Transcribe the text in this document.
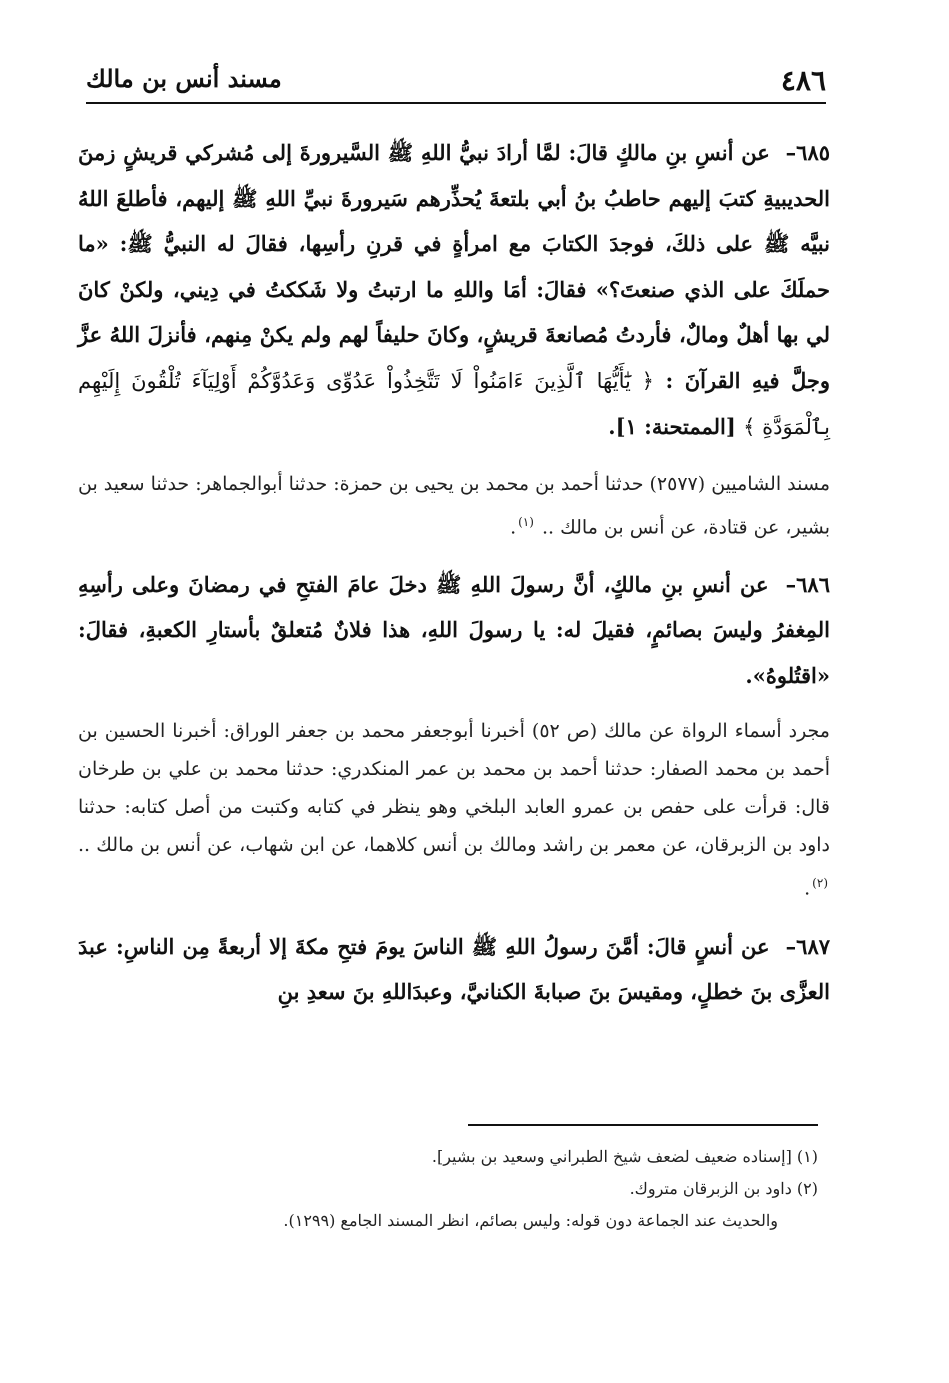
٤٨٦
مسند أنس بن مالك

٦٨٥– عن أنسِ بنِ مالكٍ قالَ: لمَّا أرادَ نبيُّ اللهِ ﷺ السَّيرورةَ إلى مُشركي قريشٍ زمنَ الحديبيةِ كتبَ إليهم حاطبُ بنُ أبي بلتعةَ يُحذِّرهم سَيرورةَ نبيِّ اللهِ ﷺ إليهم، فأطلعَ اللهُ نبيَّه ﷺ على ذلكَ، فوجدَ الكتابَ مع امرأةٍ في قرنِ رأسِها، فقالَ له النبيُّ ﷺ: «ما حملَكَ على الذي صنعتَ؟» فقالَ: أمَا واللهِ ما ارتبتُ ولا شَككتُ في دِيني، ولكنْ كانَ لي بها أهلٌ ومالٌ، فأردتُ مُصانعةَ قريشٍ، وكانَ حليفاً لهم ولم يكنْ مِنهم، فأنزلَ اللهُ عزَّ وجلَّ فيهِ القرآنَ : ﴿ يَٰٓأَيُّهَا ٱلَّذِينَ ءَامَنُواْ لَا تَتَّخِذُواْ عَدُوِّى وَعَدُوَّكُمْ أَوْلِيَآءَ تُلْقُونَ إِلَيْهِم بِٱلْمَوَدَّةِ ﴾ [الممتحنة: ١].

مسند الشاميين (٢٥٧٧) حدثنا أحمد بن محمد بن يحيى بن حمزة: حدثنا أبوالجماهر: حدثنا سعيد بن بشير، عن قتادة، عن أنس بن مالك .. $^{(١)}$.

٦٨٦– عن أنسِ بنِ مالكٍ، أنَّ رسولَ اللهِ ﷺ دخلَ عامَ الفتحِ في رمضانَ وعلى رأسِهِ المِغفرُ وليسَ بصائمٍ، فقيلَ له: يا رسولَ اللهِ، هذا فلانٌ مُتعلقٌ بأستارِ الكعبةِ، فقالَ: «اقتُلوهُ».

مجرد أسماء الرواة عن مالك (ص ٥٢) أخبرنا أبوجعفر محمد بن جعفر الوراق: أخبرنا الحسين بن أحمد بن محمد الصفار: حدثنا أحمد بن محمد بن عمر المنكدري: حدثنا محمد بن علي بن طرخان قال: قرأت على حفص بن عمرو العابد البلخي وهو ينظر في كتابه وكتبت من أصل كتابه: حدثنا داود بن الزبرقان، عن معمر بن راشد ومالك بن أنس كلاهما، عن ابن شهاب، عن أنس بن مالك .. $^{(٢)}$.

٦٨٧– عن أنسٍ قالَ: أمَّنَ رسولُ اللهِ ﷺ الناسَ يومَ فتحِ مكةَ إلا أربعةً مِن الناسِ: عبدَ العزَّى بنَ خطلٍ، ومقيسَ بنَ صبابةَ الكنانيَّ، وعبدَاللهِ بنَ سعدِ بنِ

(١) [إسناده ضعيف لضعف شيخ الطبراني وسعيد بن بشير].

(٢) داود بن الزبرقان متروك.

والحديث عند الجماعة دون قوله: وليس بصائم، انظر المسند الجامع (١٢٩٩).
